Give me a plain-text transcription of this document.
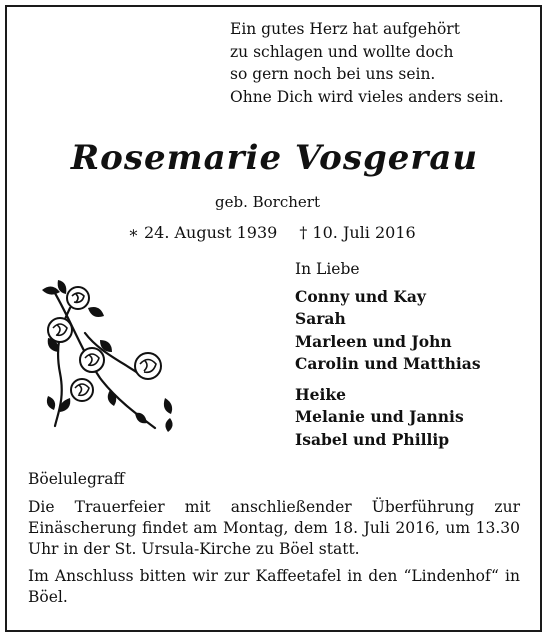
Ein gutes Herz hat aufgehört
zu schlagen und wollte doch
so gern noch bei uns sein.
Ohne Dich wird vieles anders sein.
Rosemarie Vosgerau
geb. Borchert
∗ 24. August 1939 † 10. Juli 2016
In Liebe
Conny und Kay
Sarah
Marleen und John
Carolin und Matthias
Heike
Melanie und Jannis
Isabel und Phillip
Böelulegraff

Die Trauerfeier mit anschließender Überführung zur Einäscherung findet am Montag, dem 18. Juli 2016, um 13.30 Uhr in der St. Ursula-Kirche zu Böel statt.

Im Anschluss bitten wir zur Kaffeetafel in den “Lindenhof“ in Böel.
